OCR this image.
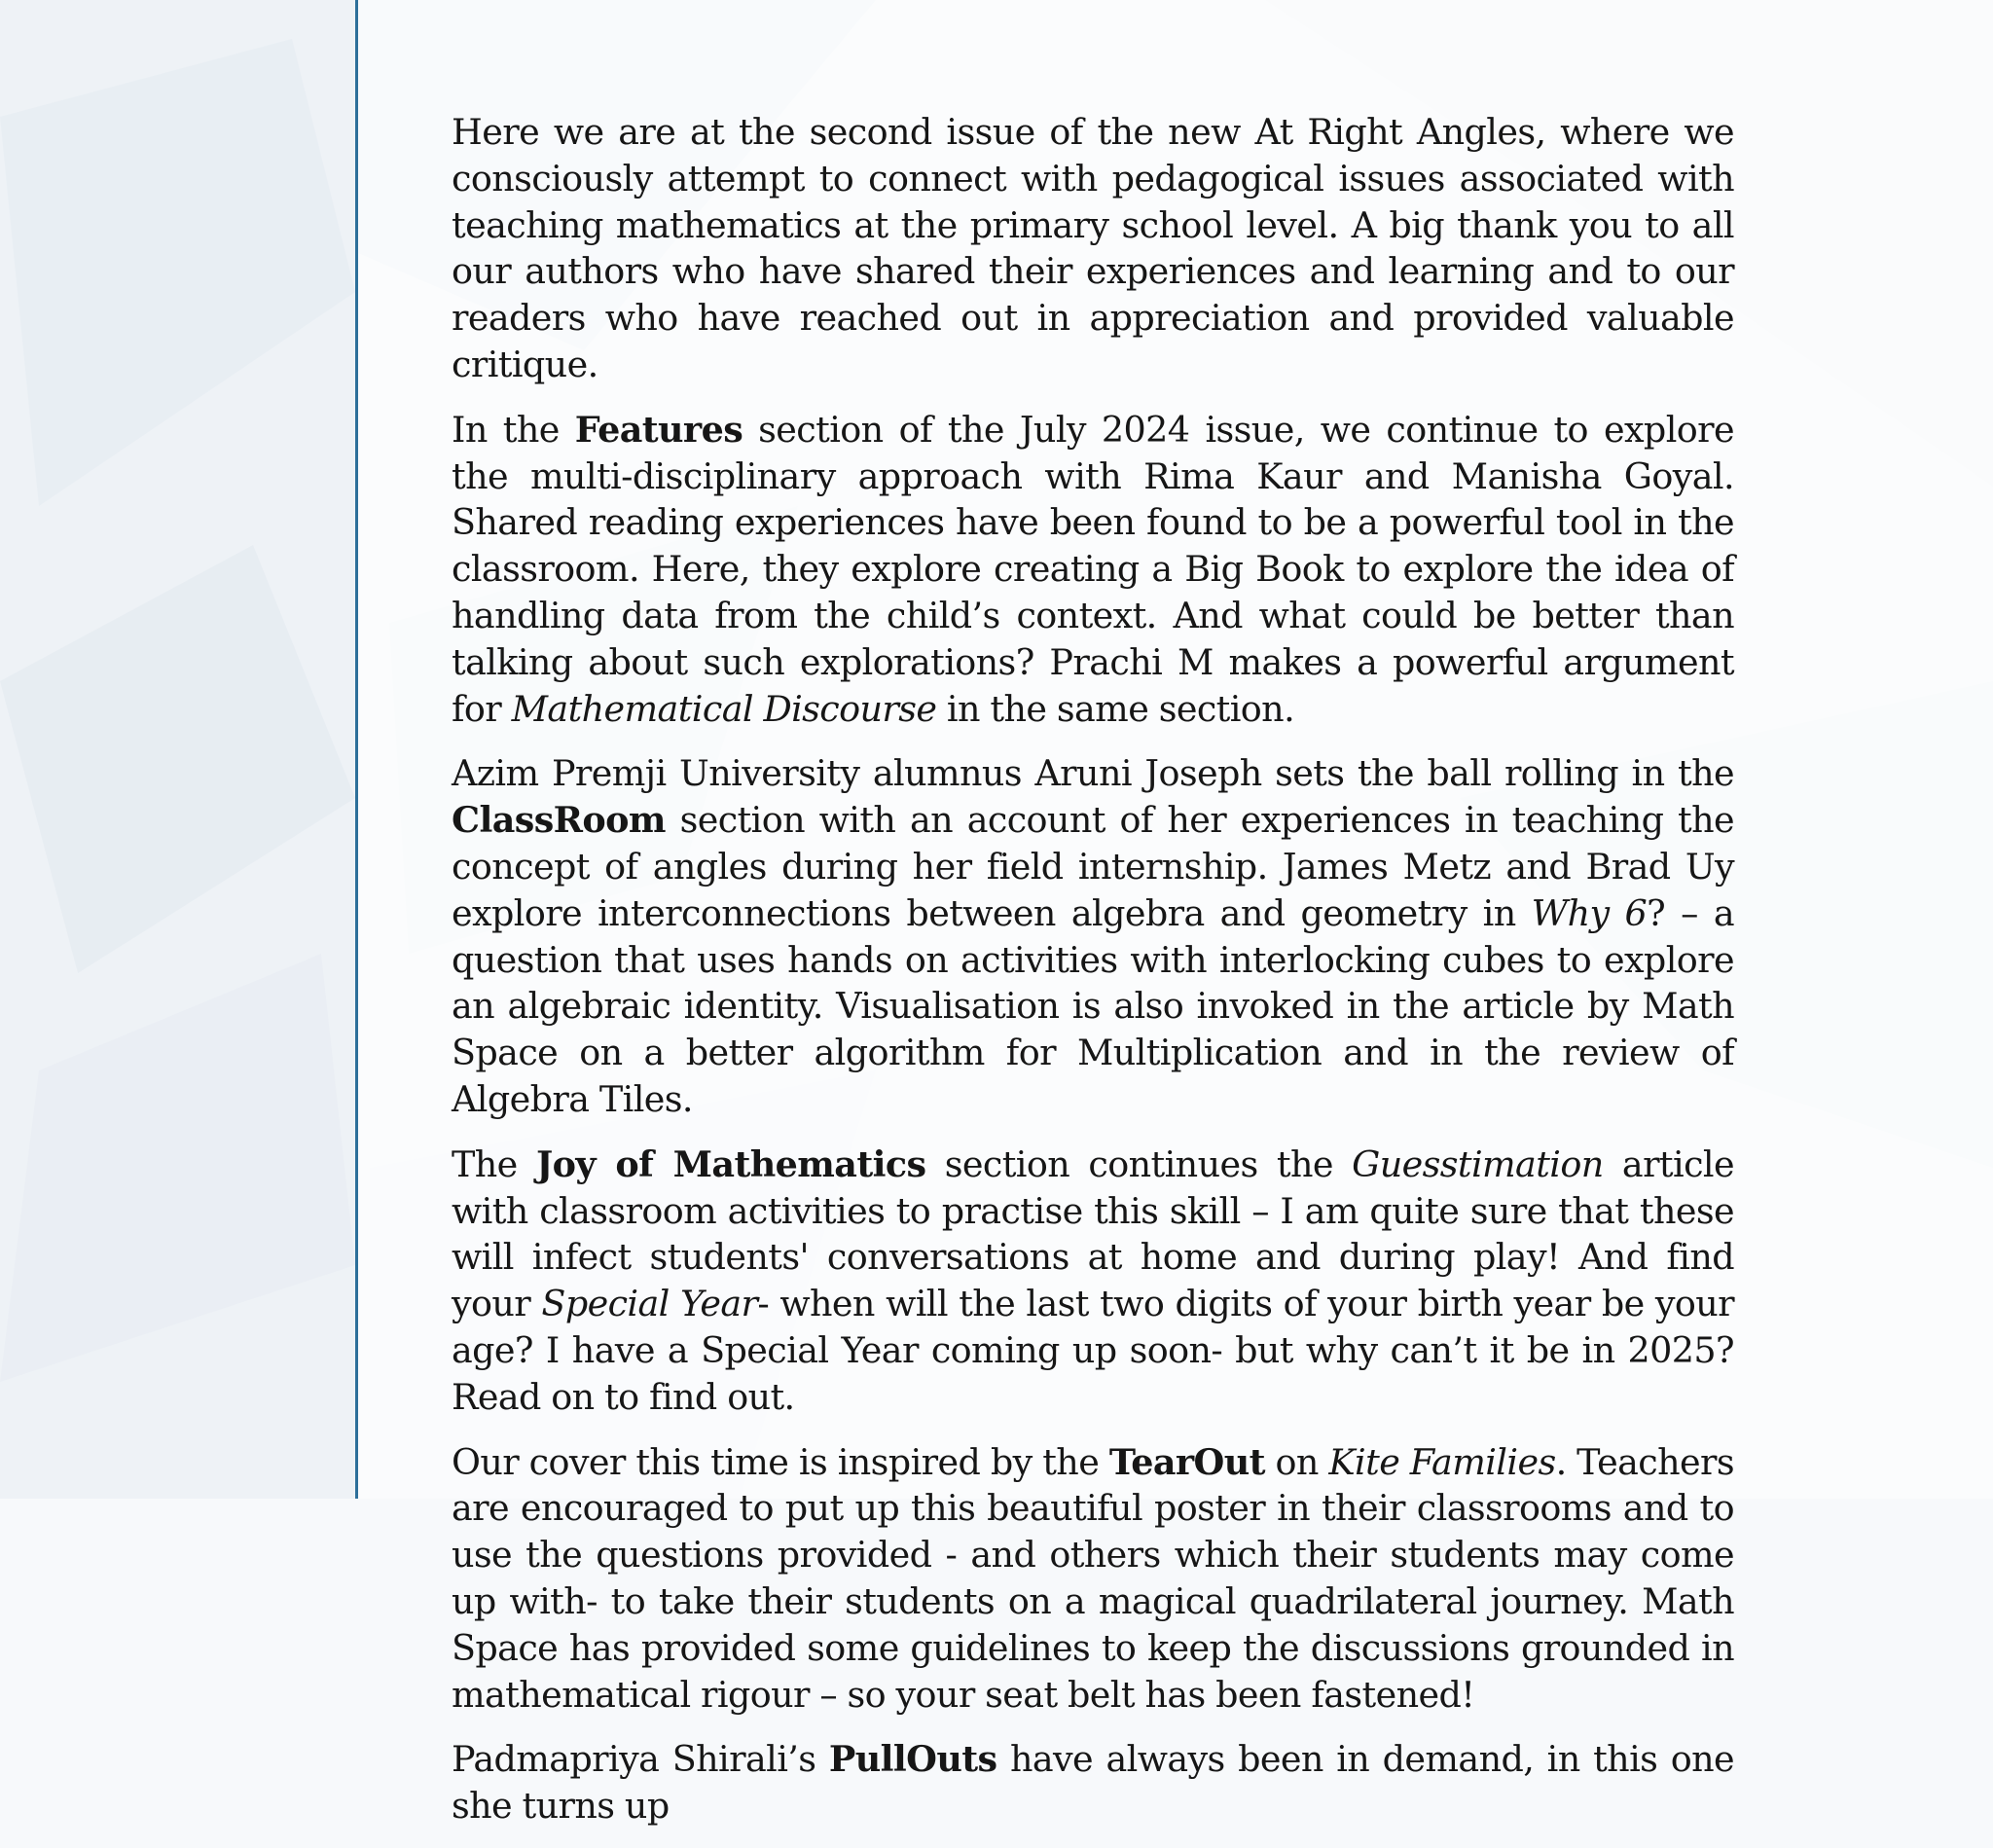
Here we are at the second issue of the new At Right Angles, where we consciously attempt to connect with pedagogical issues associated with teaching mathematics at the primary school level. A big thank you to all our authors who have shared their experiences and learning and to our readers who have reached out in appreciation and provided valuable critique.

In the Features section of the July 2024 issue, we continue to explore the multi-disciplinary approach with Rima Kaur and Manisha Goyal. Shared reading experiences have been found to be a powerful tool in the classroom. Here, they explore creating a Big Book to explore the idea of handling data from the child’s context. And what could be better than talking about such explorations? Prachi M makes a powerful argument for Mathematical Discourse in the same section.

Azim Premji University alumnus Aruni Joseph sets the ball rolling in the ClassRoom section with an account of her experiences in teaching the concept of angles during her field internship. James Metz and Brad Uy explore interconnections between algebra and geometry in Why 6? – a question that uses hands on activities with interlocking cubes to explore an algebraic identity. Visualisation is also invoked in the article by Math Space on a better algorithm for Multiplication and in the review of Algebra Tiles.

The Joy of Mathematics section continues the Guesstimation article with classroom activities to practise this skill – I am quite sure that these will infect students' conversations at home and during play! And find your Special Year- when will the last two digits of your birth year be your age? I have a Special Year coming up soon- but why can’t it be in 2025? Read on to find out.

Our cover this time is inspired by the TearOut on Kite Families. Teachers are encouraged to put up this beautiful poster in their classrooms and to use the questions provided - and others which their students may come up with- to take their students on a magical quadrilateral journey. Math Space has provided some guidelines to keep the discussions grounded in mathematical rigour – so your seat belt has been fastened!

Padmapriya Shirali’s PullOuts have always been in demand, in this one she turns up
